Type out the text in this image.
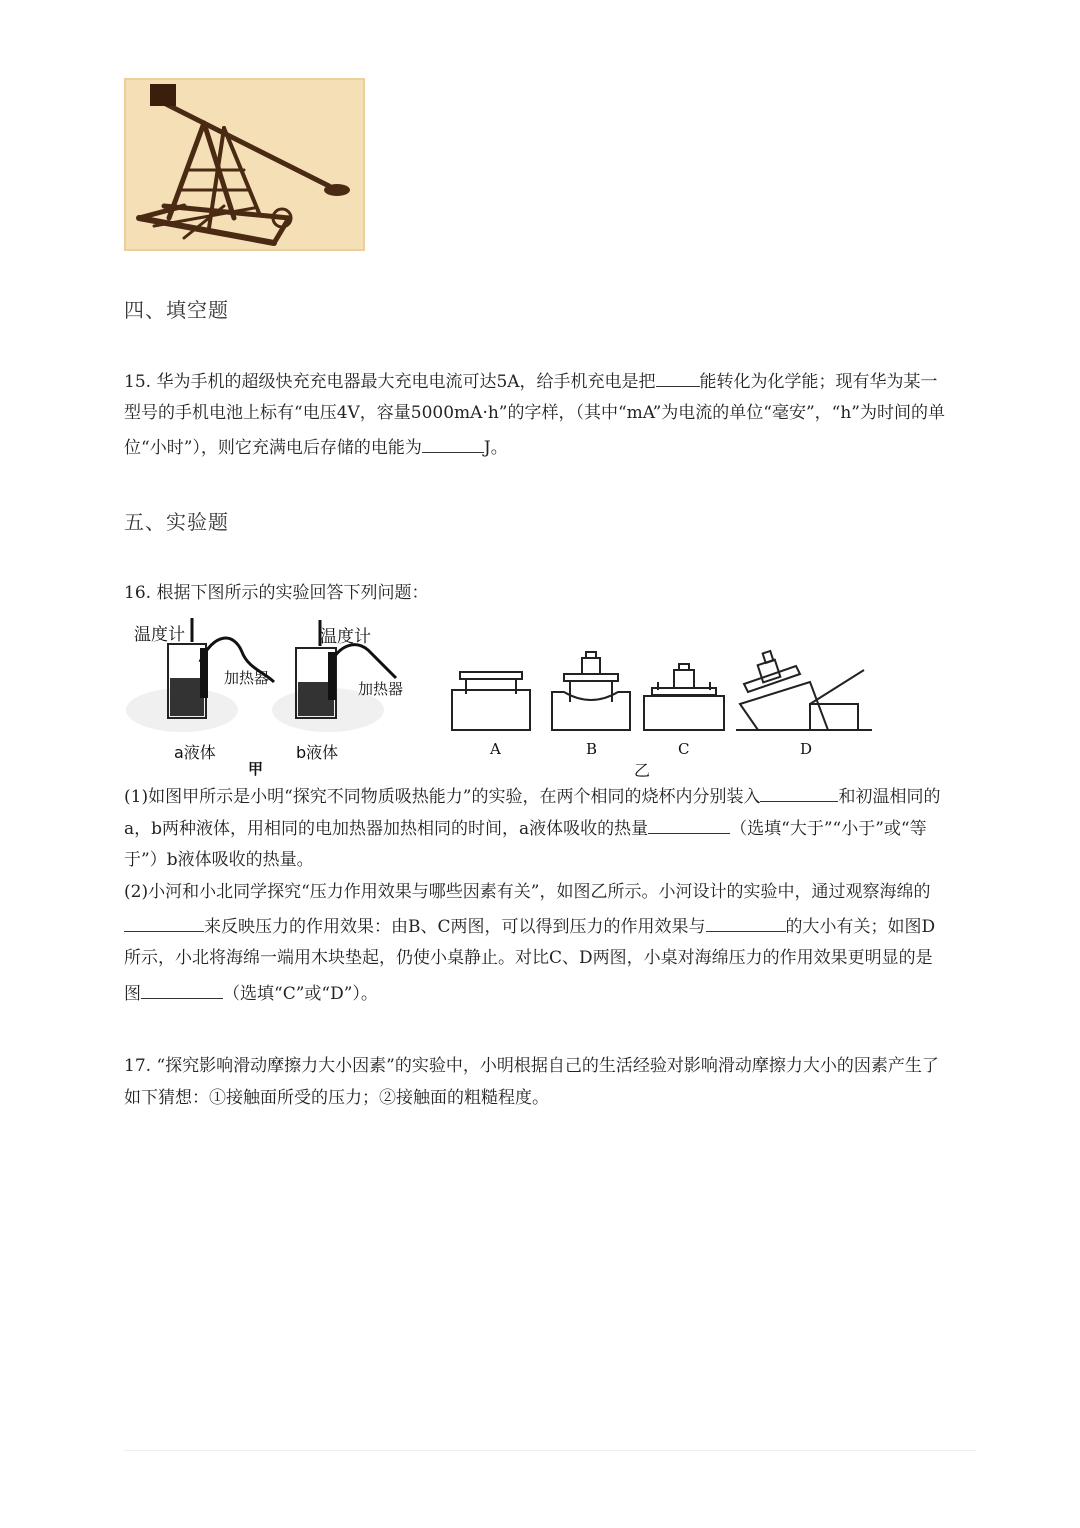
四、填空题
15. 华为手机的超级快充充电器最大充电电流可达5A，给手机充电是把	能转化为化学能；现有华为某一
型号的手机电池上标有“电压4V，容量5000mA·h”的字样，（其中“mA”为电流的单位“毫安”，“h”为时间的单
位“小时”），则它充满电后存储的电能为	J。
五、实验题
16. 根据下图所示的实验回答下列问题：
温度计	温度计
加热器
加热器
a液体	b液体
甲
A	B	C	D
乙
(1)如图甲所示是小明“探究不同物质吸热能力”的实验，在两个相同的烧杯内分别装入	和初温相同的
a，b两种液体，用相同的电加热器加热相同的时间，a液体吸收的热量	（选填“大于”“小于”或“等
于”）b液体吸收的热量。
(2)小河和小北同学探究“压力作用效果与哪些因素有关”，如图乙所示。小河设计的实验中，通过观察海绵的
来反映压力的作用效果：由B、C两图，可以得到压力的作用效果与	的大小有关；如图D
所示，小北将海绵一端用木块垫起，仍使小桌静止。对比C、D两图，小桌对海绵压力的作用效果更明显的是
图	（选填“C”或“D”）。
17. “探究影响滑动摩擦力大小因素”的实验中，小明根据自己的生活经验对影响滑动摩擦力大小的因素产生了
如下猜想：①接触面所受的压力；②接触面的粗糙程度。
